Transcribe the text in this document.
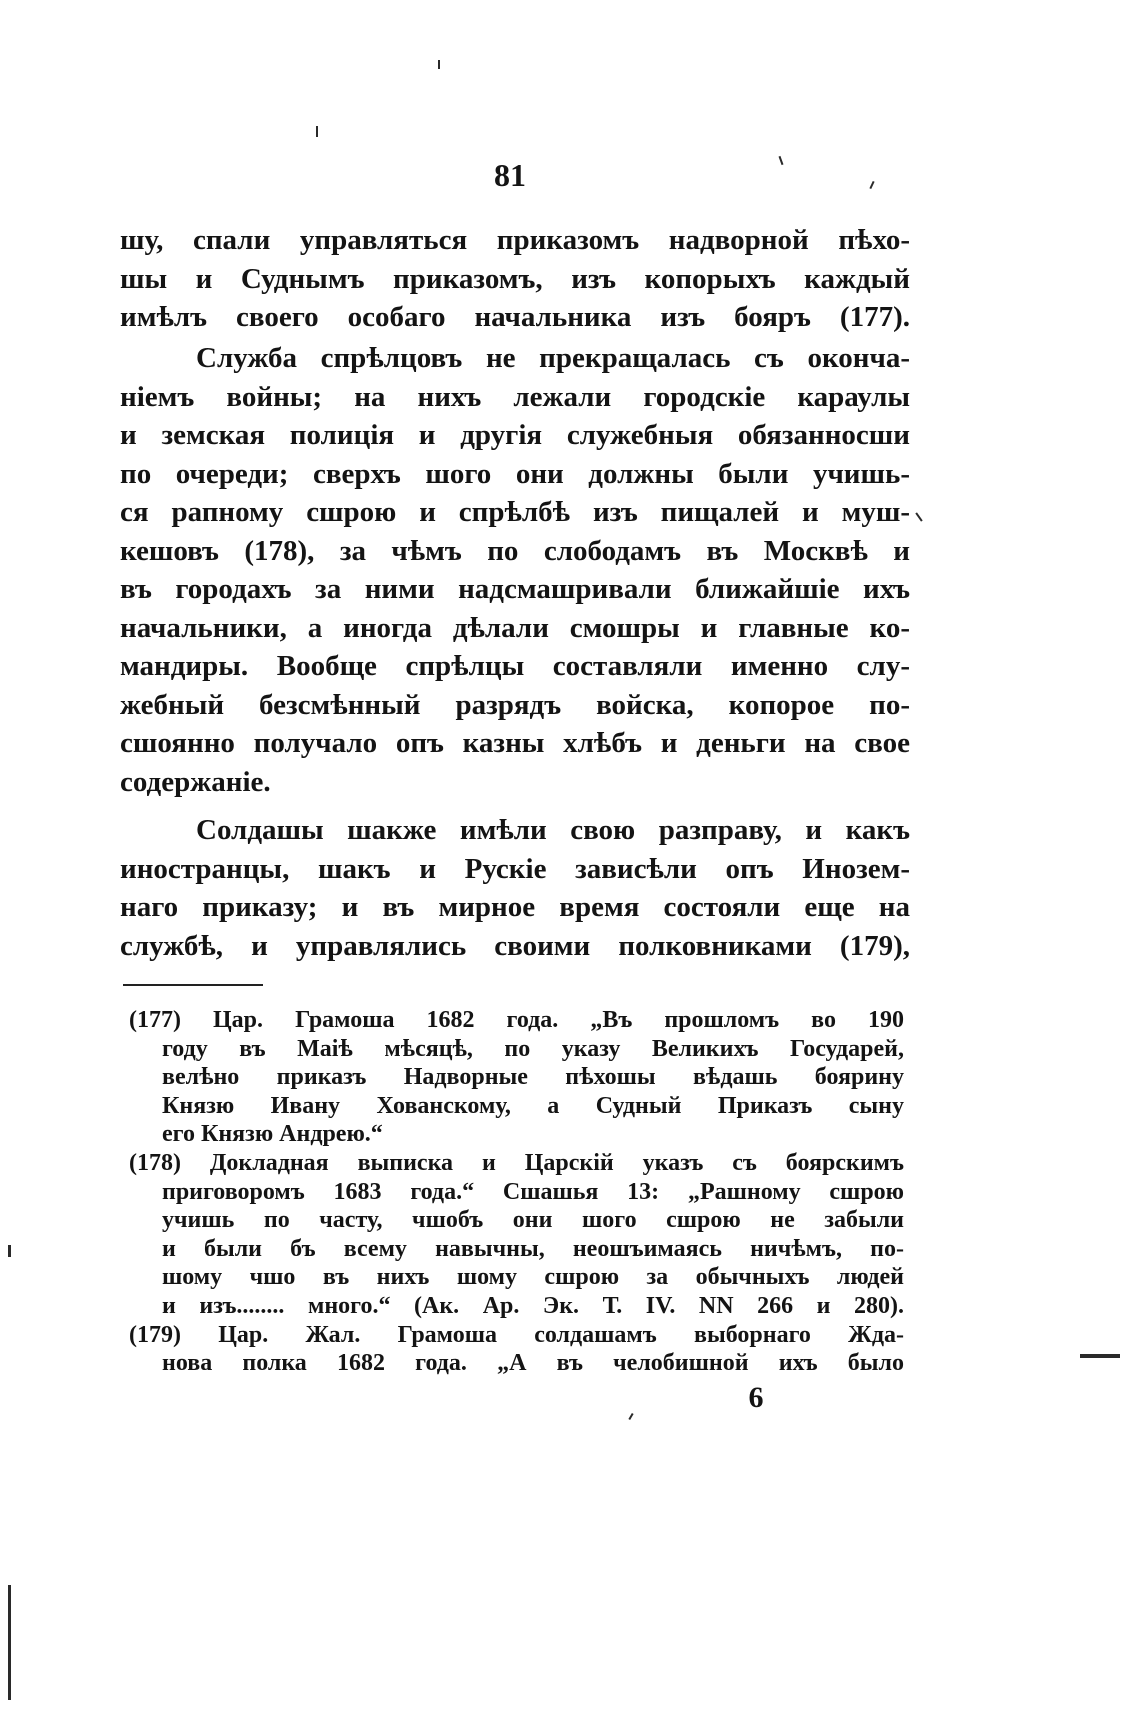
81
шу, спали управляться приказомъ надворной пѣхо-
шы и Суднымъ приказомъ, изъ копорыхъ каждый
имѣлъ своего особаго начальника изъ бояръ (177).
Служба спрѣлцовъ не прекращалась съ оконча-
ніемъ войны; на нихъ лежали городскіе караулы
и земская полиція и другія служебныя обязанносши
по очереди; сверхъ шого они должны были учишь-
ся рапному сшрою и спрѣлбѣ изъ пищалей и муш-
кешовъ (178), за чѣмъ по слободамъ въ Москвѣ и
въ городахъ за ними надсмашривали ближайшіе ихъ
начальники, а иногда дѣлали смошры и главные ко-
мандиры. Вообще спрѣлцы составляли именно слу-
жебный безсмѣнный разрядъ войска, копорое по-
сшоянно получало опъ казны хлѣбъ и деньги на свое
содержаніе.
Солдашы шакже имѣли свою разправу, и какъ
иностранцы, шакъ и Рускіе зависѣли опъ Инозем-
наго приказу; и въ мирное время состояли еще на
службѣ, и управлялись своими полковниками (179),
(177) Цар. Грамоша 1682 года. „Въ прошломъ во 190
году въ Маіѣ мѣсяцѣ, по указу Великихъ Государей,
велѣно приказъ Надворные пѣхошы вѣдашь боярину
Князю Ивану Хованскому, а Судный Приказъ сыну
его Князю Андрею.“
(178) Докладная выписка и Царскій указъ съ боярскимъ
приговоромъ 1683 года.“ Сшашья 13: „Рашному сшрою
учишь по часту, чшобъ они шого сшрою не забыли
и были бъ всему навычны, неошъимаясь ничѣмъ, по-
шому чшо въ нихъ шому сшрою за обычныхъ людей
и изъ........ много.“ (Ак. Ар. Эк. Т. IV. NN 266 и 280).
(179) Цар. Жал. Грамоша солдашамъ выборнаго Жда-
нова полка 1682 года. „А въ челобишной ихъ было
6
